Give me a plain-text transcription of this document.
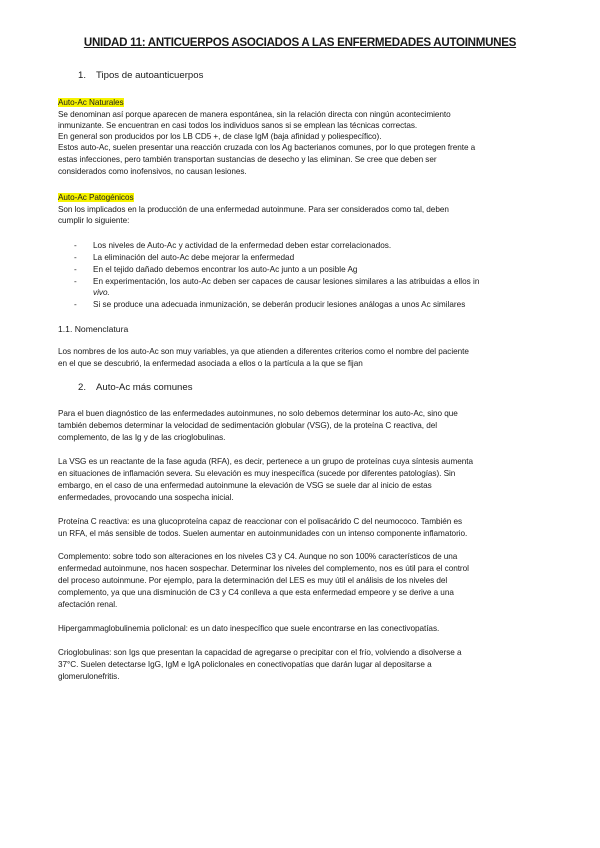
UNIDAD 11: ANTICUERPOS ASOCIADOS A LAS ENFERMEDADES AUTOINMUNES
1. Tipos de autoanticuerpos
Auto-Ac Naturales
Se denominan así porque aparecen de manera espontánea, sin la relación directa con ningún acontecimiento
inmunizante. Se encuentran en casi todos los individuos sanos si se emplean las técnicas correctas.
En general son producidos por los LB CD5 +, de clase IgM (baja afinidad y poliespecífico).
Estos auto-Ac, suelen presentar una reacción cruzada con los Ag bacterianos comunes, por lo que protegen frente a
estas infecciones, pero también transportan sustancias de desecho y las eliminan. Se cree que deben ser
considerados como inofensivos, no causan lesiones.
Auto-Ac Patogénicos
Son los implicados en la producción de una enfermedad autoinmune. Para ser considerados como tal, deben
cumplir lo siguiente:
- Los niveles de Auto-Ac y actividad de la enfermedad deben estar correlacionados.
- La eliminación del auto-Ac debe mejorar la enfermedad
- En el tejido dañado debemos encontrar los auto-Ac junto a un posible Ag
- En experimentación, los auto-Ac deben ser capaces de causar lesiones similares a las atribuidas a ellos in
vivo.
- Si se produce una adecuada inmunización, se deberán producir lesiones análogas a unos Ac similares
1.1. Nomenclatura
Los nombres de los auto-Ac son muy variables, ya que atienden a diferentes criterios como el nombre del paciente
en el que se descubrió, la enfermedad asociada a ellos o la partícula a la que se fijan
2. Auto-Ac más comunes
Para el buen diagnóstico de las enfermedades autoinmunes, no solo debemos determinar los auto-Ac, sino que
también debemos determinar la velocidad de sedimentación globular (VSG), de la proteína C reactiva, del
complemento, de las Ig y de las crioglobulinas.
La VSG es un reactante de la fase aguda (RFA), es decir, pertenece a un grupo de proteínas cuya síntesis aumenta
en situaciones de inflamación severa. Su elevación es muy inespecífica (sucede por diferentes patologías). Sin
embargo, en el caso de una enfermedad autoinmune la elevación de VSG se suele dar al inicio de estas
enfermedades, provocando una sospecha inicial.
Proteína C reactiva: es una glucoproteína capaz de reaccionar con el polisacárido C del neumococo. También es
un RFA, el más sensible de todos. Suelen aumentar en autoinmunidades con un intenso componente inflamatorio.
Complemento: sobre todo son alteraciones en los niveles C3 y C4. Aunque no son 100% característicos de una
enfermedad autoinmune, nos hacen sospechar. Determinar los niveles del complemento, nos es útil para el control
del proceso autoinmune. Por ejemplo, para la determinación del LES es muy útil el análisis de los niveles del
complemento, ya que una disminución de C3 y C4 conlleva a que esta enfermedad empeore y se derive a una
afectación renal.
Hipergammaglobulinemia policlonal: es un dato inespecífico que suele encontrarse en las conectivopatías.
Crioglobulinas: son Igs que presentan la capacidad de agregarse o precipitar con el frío, volviendo a disolverse a
37°C. Suelen detectarse IgG, IgM e IgA policlonales en conectivopatías que darán lugar al depositarse a
glomerulonefritis.
